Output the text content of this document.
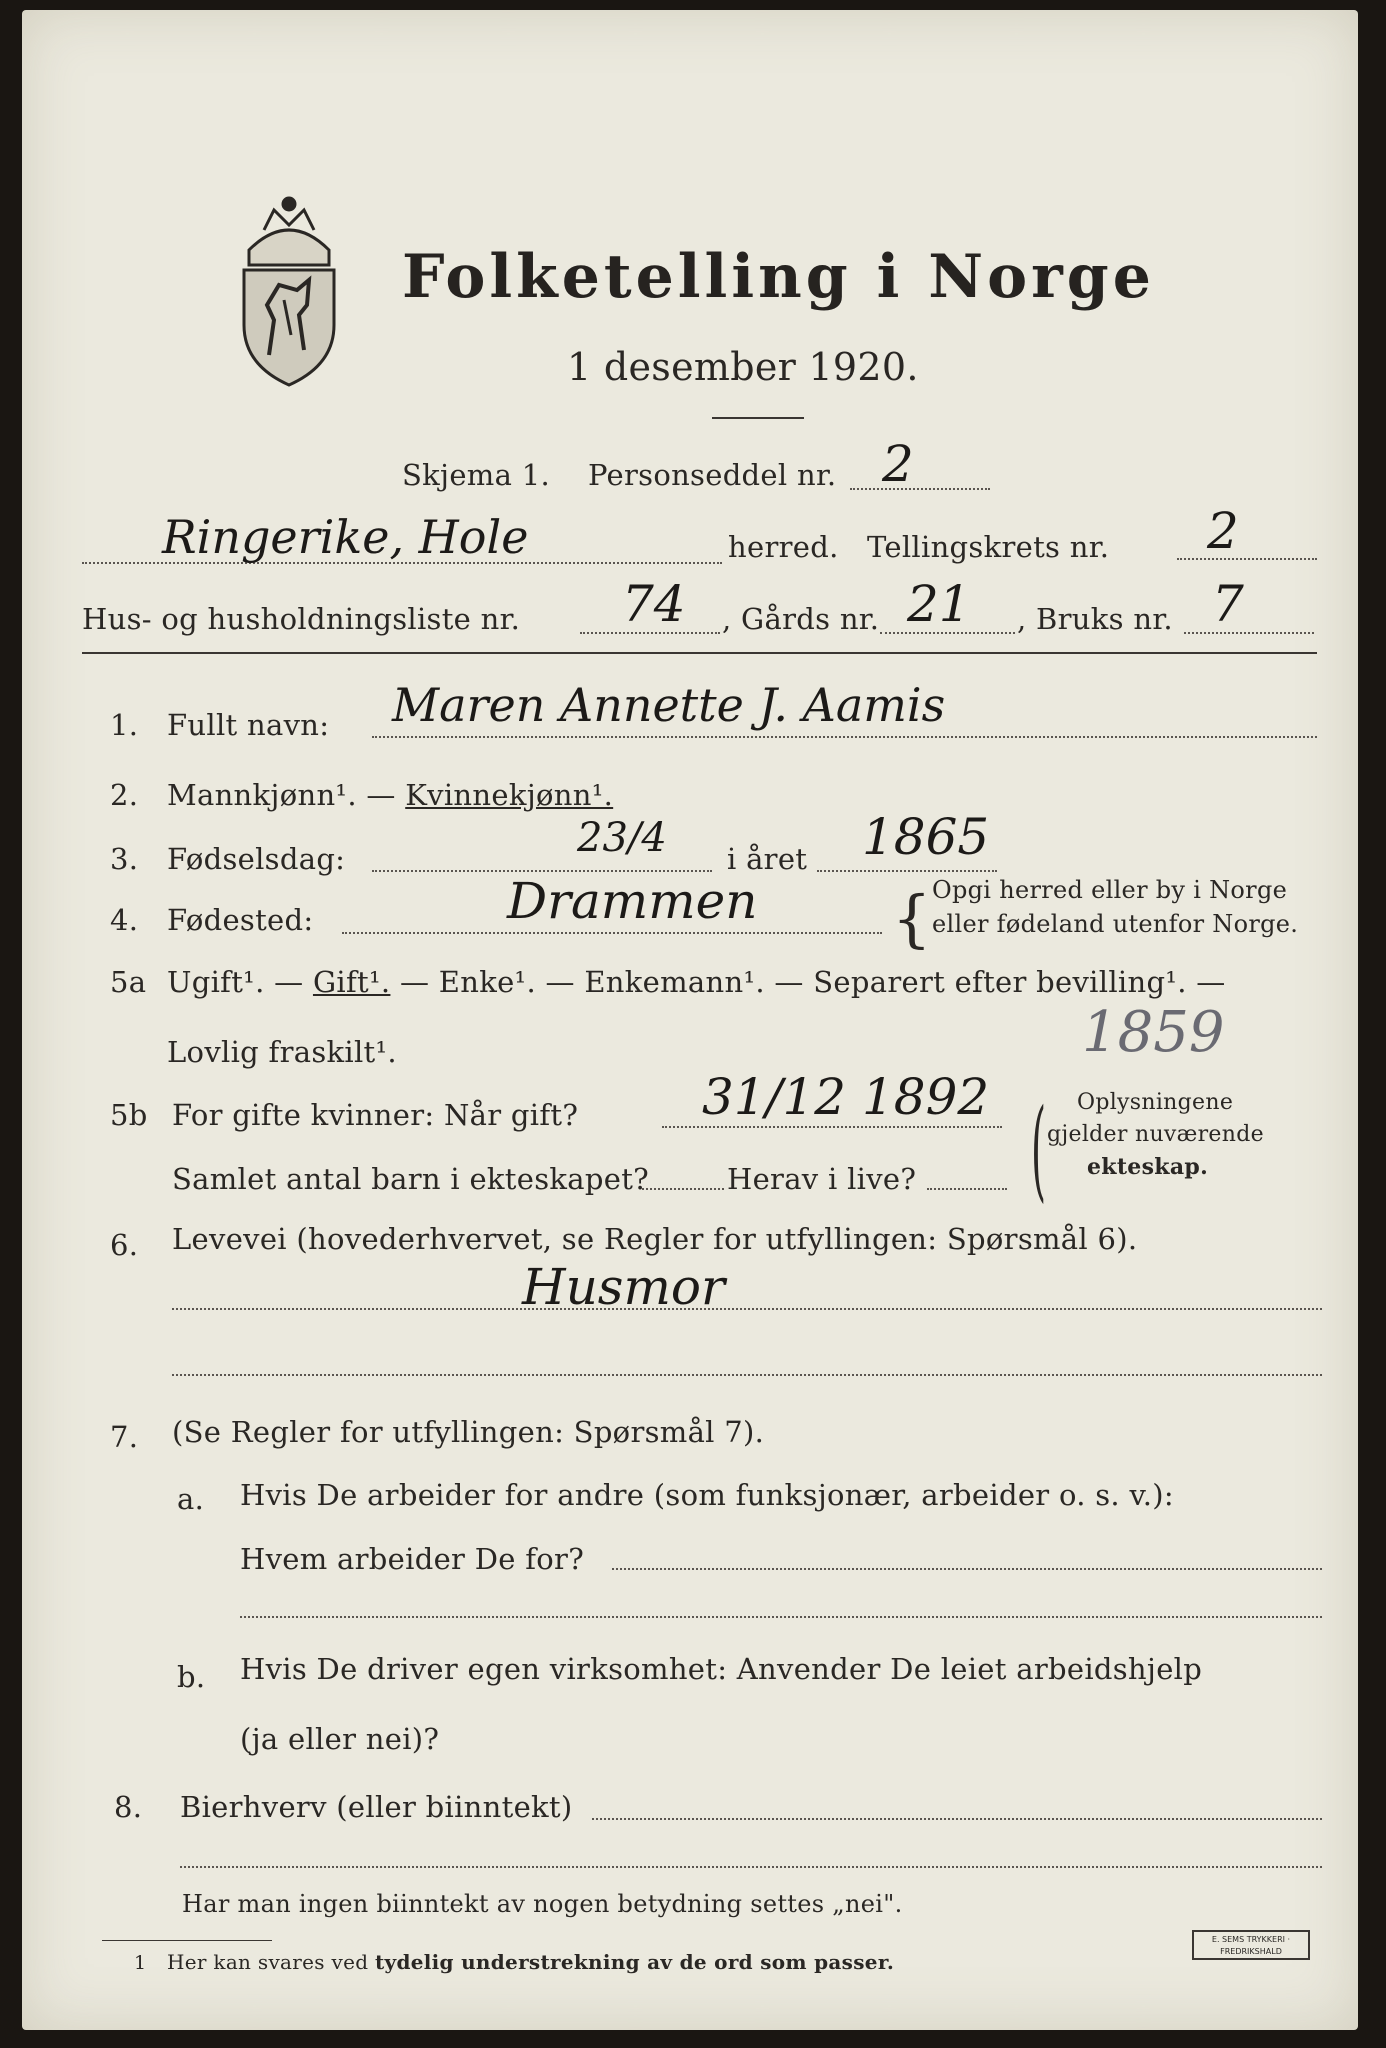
Folketelling i Norge
1 desember 1920.
Skjema 1. Personseddel nr. 2
Ringerike, Hole	herred. Tellingskrets nr. 2
Hus- og husholdningsliste nr. 74 , Gårds nr. 21 , Bruks nr. 7
1. Fullt navn: Maren Annette J. Aamis
2. Mannkjønn¹. — Kvinnekjønn¹.
3. Fødselsdag:	23/4 i året 1865
4. Fødested:	Drammen { Opgi herred eller by i Norge
eller fødeland utenfor Norge.
5a Ugift¹. — Gift¹. — Enke¹. — Enkemann¹. — Separert efter bevilling¹. —
Lovlig fraskilt¹.	1859
5b For gifte kvinner: Når gift? 31/12 1892
Samlet antal barn i ekteskapet?	Herav i live? ( Oplysningene
gjelder nuværende
ekteskap.
6. Levevei (hovederhvervet, se Regler for utfyllingen: Spørsmål 6).
Husmor
7. (Se Regler for utfyllingen: Spørsmål 7).
a. Hvis De arbeider for andre (som funksjonær, arbeider o. s. v.):
Hvem arbeider De for?
b. Hvis De driver egen virksomhet: Anvender De leiet arbeidshjelp
(ja eller nei)?
8. Bierhverv (eller biinntekt)
Har man ingen biinntekt av nogen betydning settes „nei".
1 Her kan svares ved tydelig understrekning av de ord som passer.
E. SEMS TRYKKERI · FREDRIKSHALD
